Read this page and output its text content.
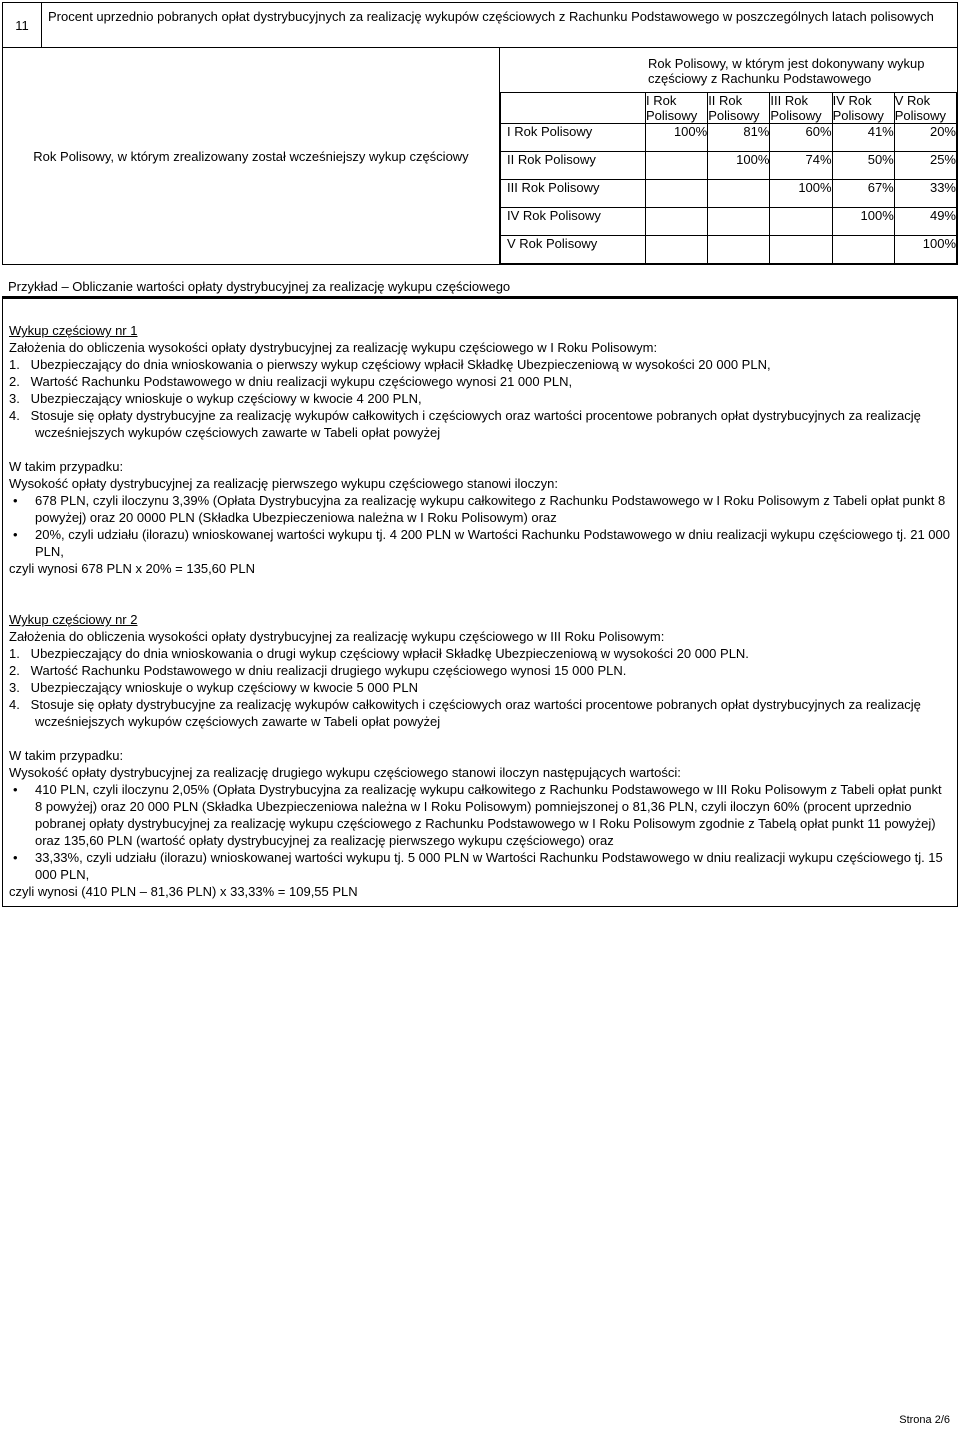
11	Procent uprzednio pobranych opłat dystrybucyjnych za realizację wykupów częściowych z Rachunku Podstawowego w poszczególnych latach polisowych
Rok Polisowy, w którym zrealizowany został wcześniejszy wykup częściowy	
Rok Polisowy, w którym jest dokonywany wykup częściowy z Rachunku Podstawowego
	I Rok Polisowy	II Rok Polisowy	III Rok Polisowy	IV Rok Polisowy	V Rok Polisowy
I Rok Polisowy	100%	81%	60%	41%	20%
II Rok Polisowy		100%	74%	50%	25%
III Rok Polisowy			100%	67%	33%
IV Rok Polisowy				100%	49%
V Rok Polisowy					100%
Przykład – Obliczanie wartości opłaty dystrybucyjnej za realizację wykupu częściowego

Wykup częściowy nr 1

Założenia do obliczenia wysokości opłaty dystrybucyjnej za realizację wykupu częściowego w I Roku Polisowym:

1.   Ubezpieczający do dnia wnioskowania o pierwszy wykup częściowy wpłacił Składkę Ubezpieczeniową w wysokości 20 000 PLN,

2.   Wartość Rachunku Podstawowego w dniu realizacji wykupu częściowego wynosi 21 000 PLN,

3.   Ubezpieczający wnioskuje o wykup częściowy w kwocie 4 200 PLN,

4.   Stosuje się opłaty dystrybucyjne za realizację wykupów całkowitych i częściowych oraz wartości procentowe pobranych opłat dystrybucyjnych za realizację wcześniejszych wykupów częściowych zawarte w Tabeli opłat powyżej

W takim przypadku:

Wysokość opłaty dystrybucyjnej za realizację pierwszego wykupu częściowego stanowi iloczyn:

• 678 PLN, czyli iloczynu 3,39% (Opłata Dystrybucyjna za realizację wykupu całkowitego z Rachunku Podstawowego w I Roku Polisowym z Tabeli opłat punkt 8 powyżej) oraz 20 0000 PLN (Składka Ubezpieczeniowa należna w I Roku Polisowym) oraz
• 20%, czyli udziału (ilorazu) wnioskowanej wartości wykupu tj. 4 200 PLN w Wartości Rachunku Podstawowego w dniu realizacji wykupu częściowego tj. 21 000 PLN,

czyli wynosi 678 PLN x 20% = 135,60 PLN

Wykup częściowy nr 2

Założenia do obliczenia wysokości opłaty dystrybucyjnej za realizację wykupu częściowego w III Roku Polisowym:

1.   Ubezpieczający do dnia wnioskowania o drugi wykup częściowy wpłacił Składkę Ubezpieczeniową w wysokości 20 000 PLN.

2.   Wartość Rachunku Podstawowego w dniu realizacji drugiego wykupu częściowego wynosi 15 000 PLN.

3.   Ubezpieczający wnioskuje o wykup częściowy w kwocie 5 000 PLN

4.   Stosuje się opłaty dystrybucyjne za realizację wykupów całkowitych i częściowych oraz wartości procentowe pobranych opłat dystrybucyjnych za realizację wcześniejszych wykupów częściowych zawarte w Tabeli opłat powyżej

W takim przypadku:

Wysokość opłaty dystrybucyjnej za realizację drugiego wykupu częściowego stanowi iloczyn następujących wartości:

• 410 PLN, czyli iloczynu 2,05% (Opłata Dystrybucyjna za realizację wykupu całkowitego z Rachunku Podstawowego w III Roku Polisowym z Tabeli opłat punkt 8 powyżej) oraz 20 000 PLN (Składka Ubezpieczeniowa należna w I Roku Polisowym) pomniejszonej o 81,36 PLN, czyli iloczyn 60% (procent uprzednio pobranej opłaty dystrybucyjnej za realizację wykupu częściowego z Rachunku Podstawowego w I Roku Polisowym zgodnie z Tabelą opłat punkt 11 powyżej) oraz 135,60 PLN (wartość opłaty dystrybucyjnej za realizację pierwszego wykupu częściowego) oraz
• 33,33%, czyli udziału (ilorazu) wnioskowanej wartości wykupu tj. 5 000 PLN w Wartości Rachunku Podstawowego w dniu realizacji wykupu częściowego tj. 15 000 PLN,

czyli wynosi (410 PLN – 81,36 PLN) x 33,33% = 109,55 PLN

Strona 2/6
